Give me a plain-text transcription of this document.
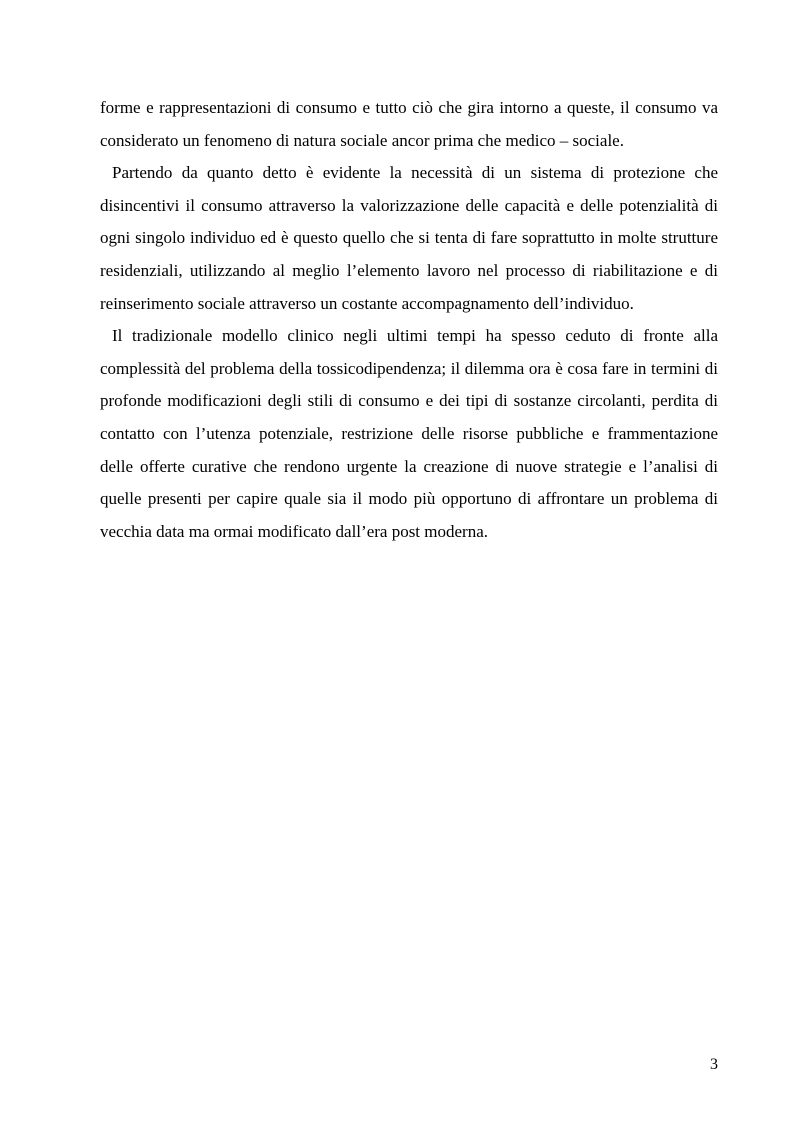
forme e rappresentazioni di consumo e tutto ciò che gira intorno a queste, il consumo va considerato un fenomeno di natura sociale ancor prima che medico – sociale.

Partendo da quanto detto è evidente la necessità di un sistema di protezione che disincentivi il consumo attraverso la valorizzazione delle capacità e delle potenzialità di ogni singolo individuo ed è questo quello che si tenta di fare soprattutto in molte strutture residenziali, utilizzando al meglio l’elemento lavoro nel processo di riabilitazione e di reinserimento sociale attraverso un costante accompagnamento dell’individuo.

Il tradizionale modello clinico negli ultimi tempi ha spesso ceduto di fronte alla complessità del problema della tossicodipendenza; il dilemma ora è cosa fare in termini di profonde modificazioni degli stili di consumo e dei tipi di sostanze circolanti, perdita di contatto con l’utenza potenziale, restrizione delle risorse pubbliche e frammentazione delle offerte curative che rendono urgente la creazione di nuove strategie e l’analisi di quelle presenti per capire quale sia il modo più opportuno di affrontare un problema di vecchia data ma ormai modificato dall’era post moderna.

3
